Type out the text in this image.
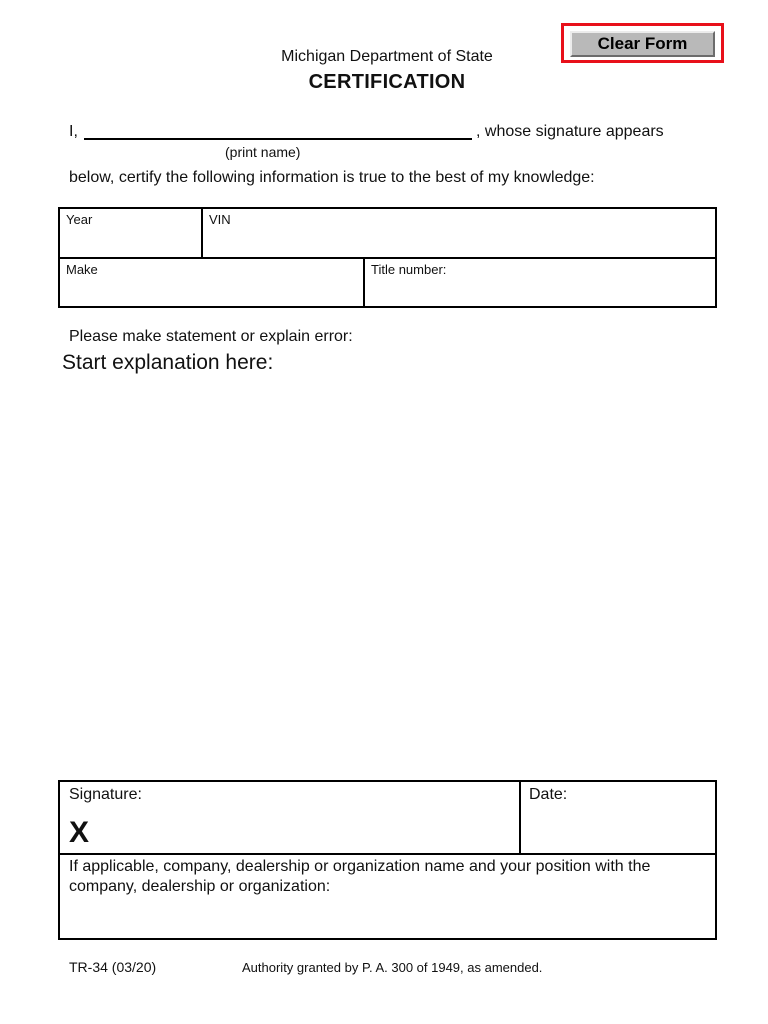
Clear Form
Michigan Department of State
CERTIFICATION
I,	, whose signature appears
(print name)
below, certify the following information is true to the best of my knowledge:
Year	VIN
Make	Title number:
Please make statement or explain error:
Start explanation here:
Signature:
X
Date:
If applicable, company, dealership or organization name and your position with the company, dealership or organization:
TR-34 (03/20)	Authority granted by P. A. 300 of 1949, as amended.
